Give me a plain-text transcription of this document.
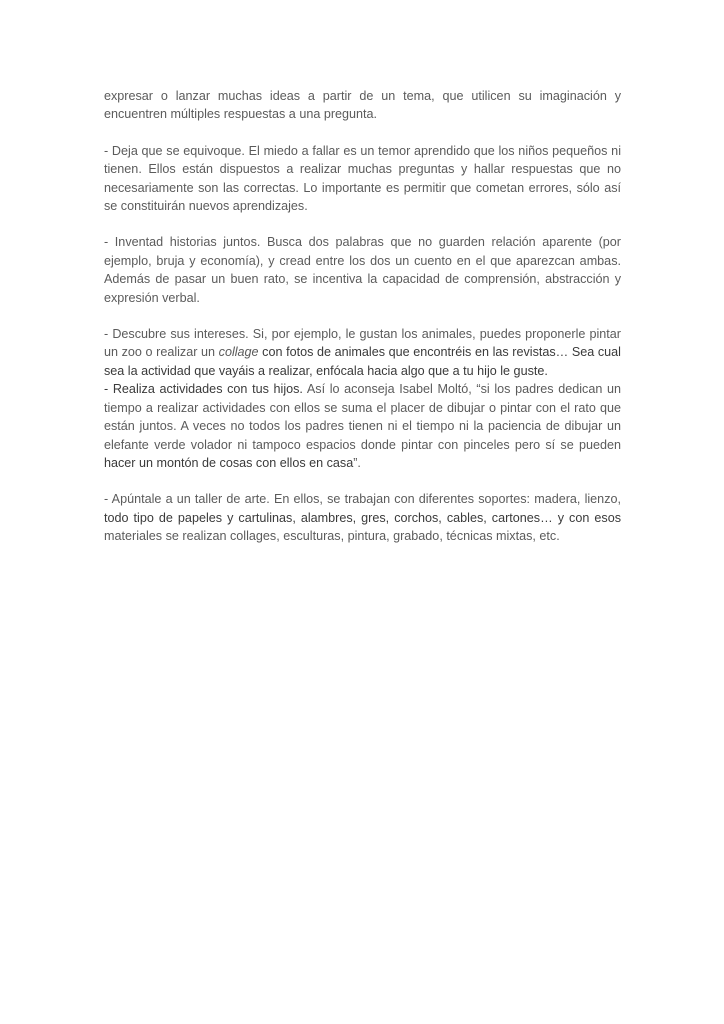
expresar o lanzar muchas ideas a partir de un tema, que utilicen su imaginación y encuentren múltiples respuestas a una pregunta.

- Deja que se equivoque. El miedo a fallar es un temor aprendido que los niños pequeños ni tienen. Ellos están dispuestos a realizar muchas preguntas y hallar respuestas que no necesariamente son las correctas. Lo importante es permitir que cometan errores, sólo así se constituirán nuevos aprendizajes.

- Inventad historias juntos. Busca dos palabras que no guarden relación aparente (por ejemplo, bruja y economía), y cread entre los dos un cuento en el que aparezcan ambas. Además de pasar un buen rato, se incentiva la capacidad de comprensión, abstracción y expresión verbal.

- Descubre sus intereses. Si, por ejemplo, le gustan los animales, puedes proponerle pintar un zoo o realizar un collage con fotos de animales que encontréis en las revistas… Sea cual sea la actividad que vayáis a realizar, enfócala hacia algo que a tu hijo le guste.

- Realiza actividades con tus hijos. Así lo aconseja Isabel Moltó, “si los padres dedican un tiempo a realizar actividades con ellos se suma el placer de dibujar o pintar con el rato que están juntos. A veces no todos los padres tienen ni el tiempo ni la paciencia de dibujar un elefante verde volador ni tampoco espacios donde pintar con pinceles pero sí se pueden hacer un montón de cosas con ellos en casa”.

- Apúntale a un taller de arte. En ellos, se trabajan con diferentes soportes: madera, lienzo, todo tipo de papeles y cartulinas, alambres, gres, corchos, cables, cartones… y con esos materiales se realizan collages, esculturas, pintura, grabado, técnicas mixtas, etc.
